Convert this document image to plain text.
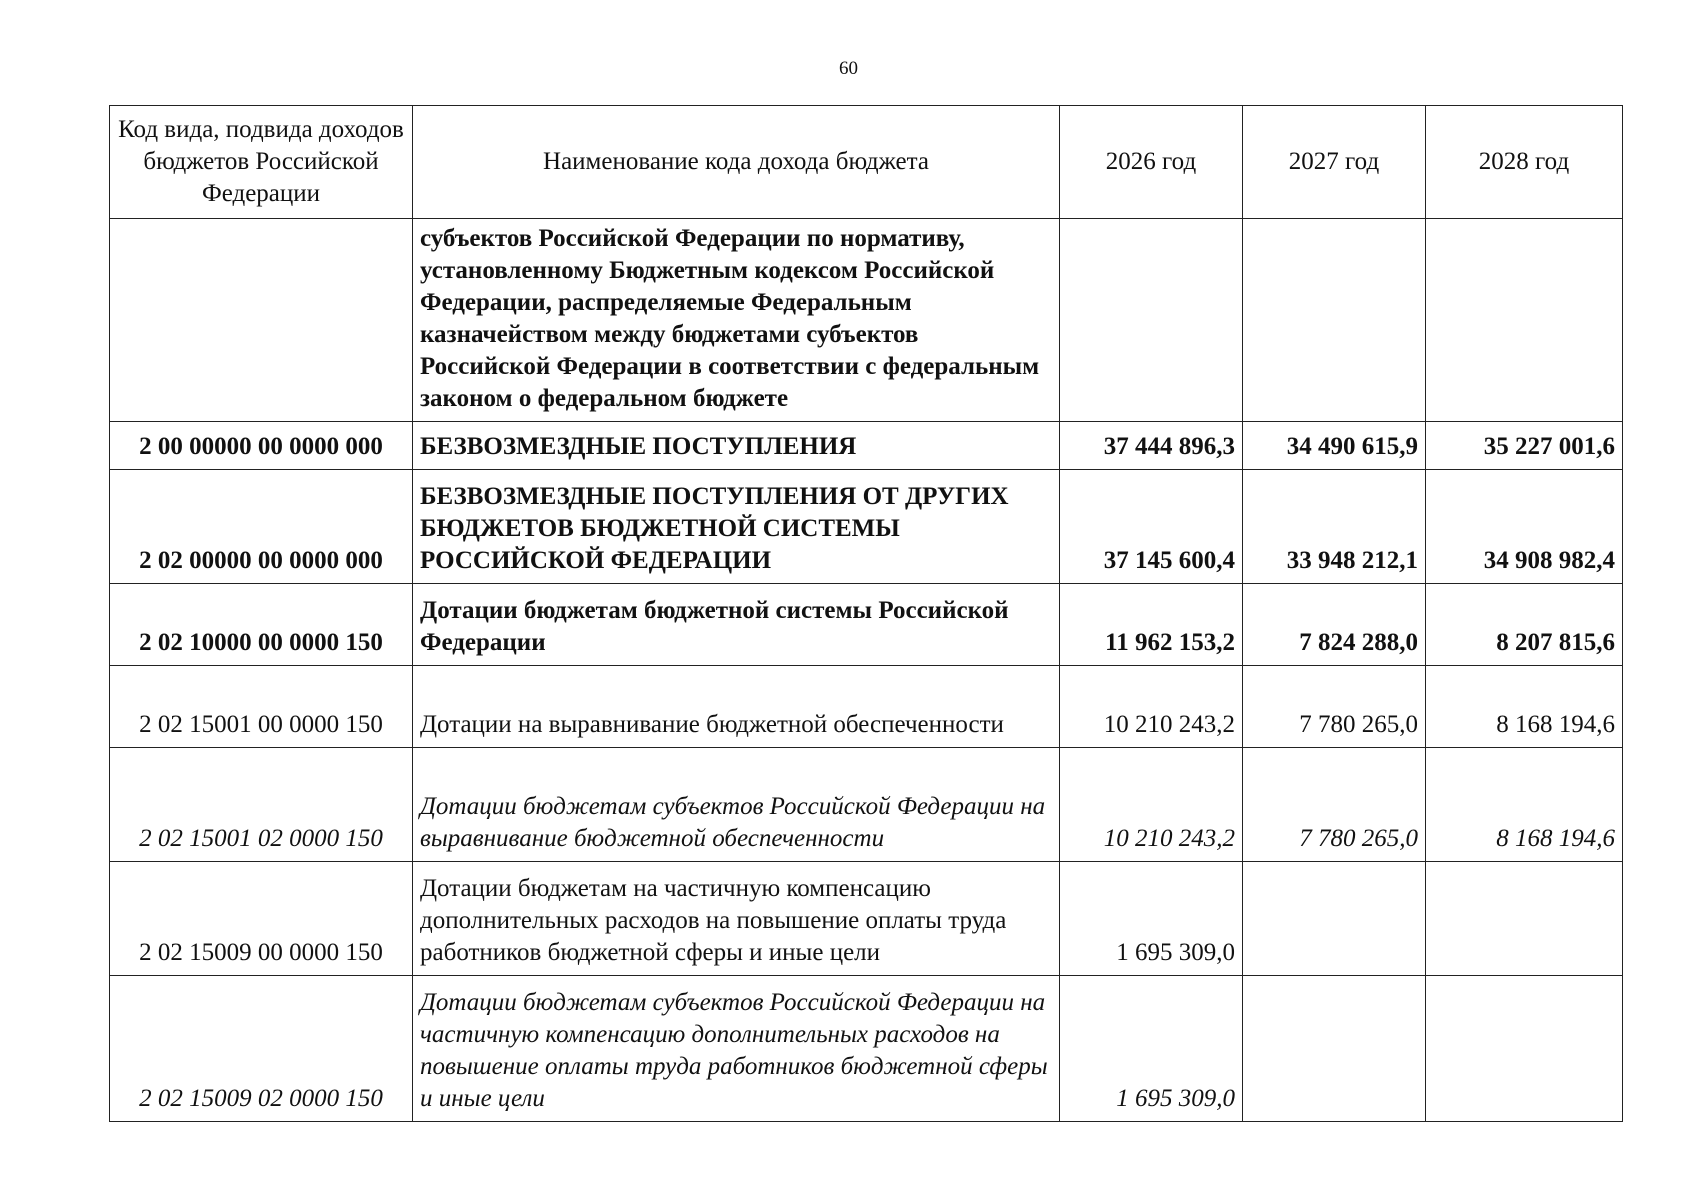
60
Код вида, подвида доходов бюджетов Российской Федерации	Наименование кода дохода бюджета	2026 год	2027 год	2028 год
	субъектов Российской Федерации по нормативу, установленному Бюджетным кодексом Российской Федерации, распределяемые Федеральным казначейством между бюджетами субъектов Российской Федерации в соответствии с федеральным законом о федеральном бюджете			
2 00 00000 00 0000 000	БЕЗВОЗМЕЗДНЫЕ ПОСТУПЛЕНИЯ	37 444 896,3	34 490 615,9	35 227 001,6
2 02 00000 00 0000 000	БЕЗВОЗМЕЗДНЫЕ ПОСТУПЛЕНИЯ ОТ ДРУГИХ БЮДЖЕТОВ БЮДЖЕТНОЙ СИСТЕМЫ РОССИЙСКОЙ ФЕДЕРАЦИИ	37 145 600,4	33 948 212,1	34 908 982,4
2 02 10000 00 0000 150	Дотации бюджетам бюджетной системы Российской Федерации	11 962 153,2	7 824 288,0	8 207 815,6
2 02 15001 00 0000 150	Дотации на выравнивание бюджетной обеспеченности	10 210 243,2	7 780 265,0	8 168 194,6
2 02 15001 02 0000 150	Дотации бюджетам субъектов Российской Федерации на выравнивание бюджетной обеспеченности	10 210 243,2	7 780 265,0	8 168 194,6
2 02 15009 00 0000 150	Дотации бюджетам на частичную компенсацию дополнительных расходов на повышение оплаты труда работников бюджетной сферы и иные цели	1 695 309,0		
2 02 15009 02 0000 150	Дотации бюджетам субъектов Российской Федерации на частичную компенсацию дополнительных расходов на повышение оплаты труда работников бюджетной сферы и иные цели	1 695 309,0		
